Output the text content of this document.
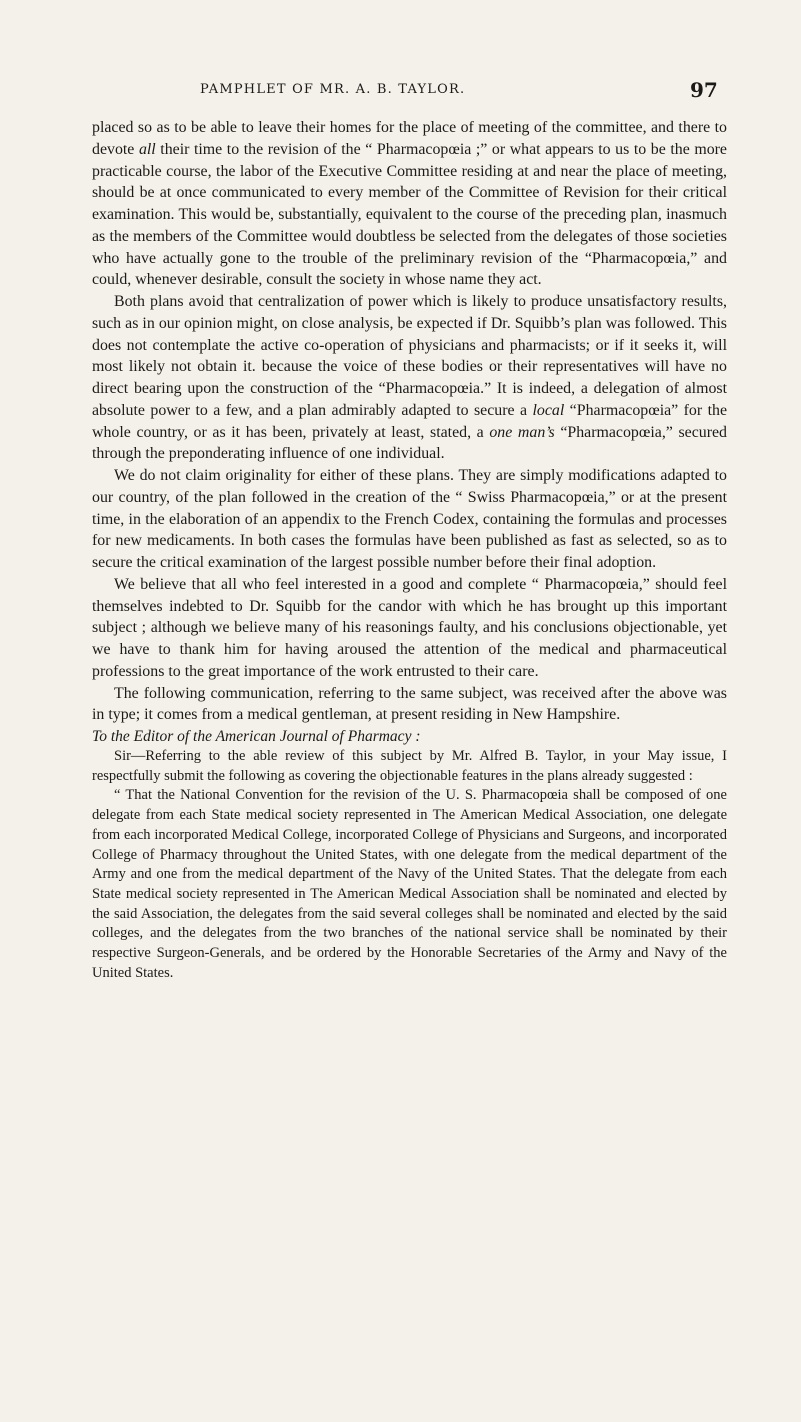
PAMPHLET OF MR. A. B. TAYLOR.	97

placed so as to be able to leave their homes for the place of meeting of the committee, and there to devote all their time to the revision of the “ Pharmacopœia ;” or what appears to us to be the more practicable course, the labor of the Executive Committee residing at and near the place of meeting, should be at once communicated to every member of the Committee of Revision for their critical examination. This would be, substantially, equivalent to the course of the preceding plan, inasmuch as the members of the Committee would doubtless be selected from the delegates of those societies who have actually gone to the trouble of the preliminary revision of the “Pharmacopœia,” and could, whenever desirable, consult the society in whose name they act.

Both plans avoid that centralization of power which is likely to produce unsatisfactory results, such as in our opinion might, on close analysis, be expected if Dr. Squibb’s plan was followed. This does not contemplate the active co-operation of physicians and pharmacists; or if it seeks it, will most likely not obtain it. because the voice of these bodies or their representatives will have no direct bearing upon the construction of the “Pharmacopœia.” It is indeed, a delegation of almost absolute power to a few, and a plan admirably adapted to secure a local “Pharmacopœia” for the whole country, or as it has been, privately at least, stated, a one man’s “Pharmacopœia,” secured through the preponderating influence of one individual.

We do not claim originality for either of these plans. They are simply modifications adapted to our country, of the plan followed in the creation of the “ Swiss Pharmacopœia,” or at the present time, in the elaboration of an appendix to the French Codex, containing the formulas and processes for new medicaments. In both cases the formulas have been published as fast as selected, so as to secure the critical examination of the largest possible number before their final adoption.

We believe that all who feel interested in a good and complete “ Pharmacopœia,” should feel themselves indebted to Dr. Squibb for the candor with which he has brought up this important subject ; although we believe many of his reasonings faulty, and his conclusions objectionable, yet we have to thank him for having aroused the attention of the medical and pharmaceutical professions to the great importance of the work entrusted to their care.

The following communication, referring to the same subject, was received after the above was in type; it comes from a medical gentleman, at present residing in New Hampshire.

To the Editor of the American Journal of Pharmacy :

Sir—Referring to the able review of this subject by Mr. Alfred B. Taylor, in your May issue, I respectfully submit the following as covering the objectionable features in the plans already suggested :

“ That the National Convention for the revision of the U. S. Pharmacopœia shall be composed of one delegate from each State medical society represented in The American Medical Association, one delegate from each incorporated Medical College, incorporated College of Physicians and Surgeons, and incorporated College of Pharmacy throughout the United States, with one delegate from the medical department of the Army and one from the medical department of the Navy of the United States. That the delegate from each State medical society represented in The American Medical Association shall be nominated and elected by the said Association, the delegates from the said several colleges shall be nominated and elected by the said colleges, and the delegates from the two branches of the national service shall be nominated by their respective Surgeon-Generals, and be ordered by the Honorable Secretaries of the Army and Navy of the United States.
